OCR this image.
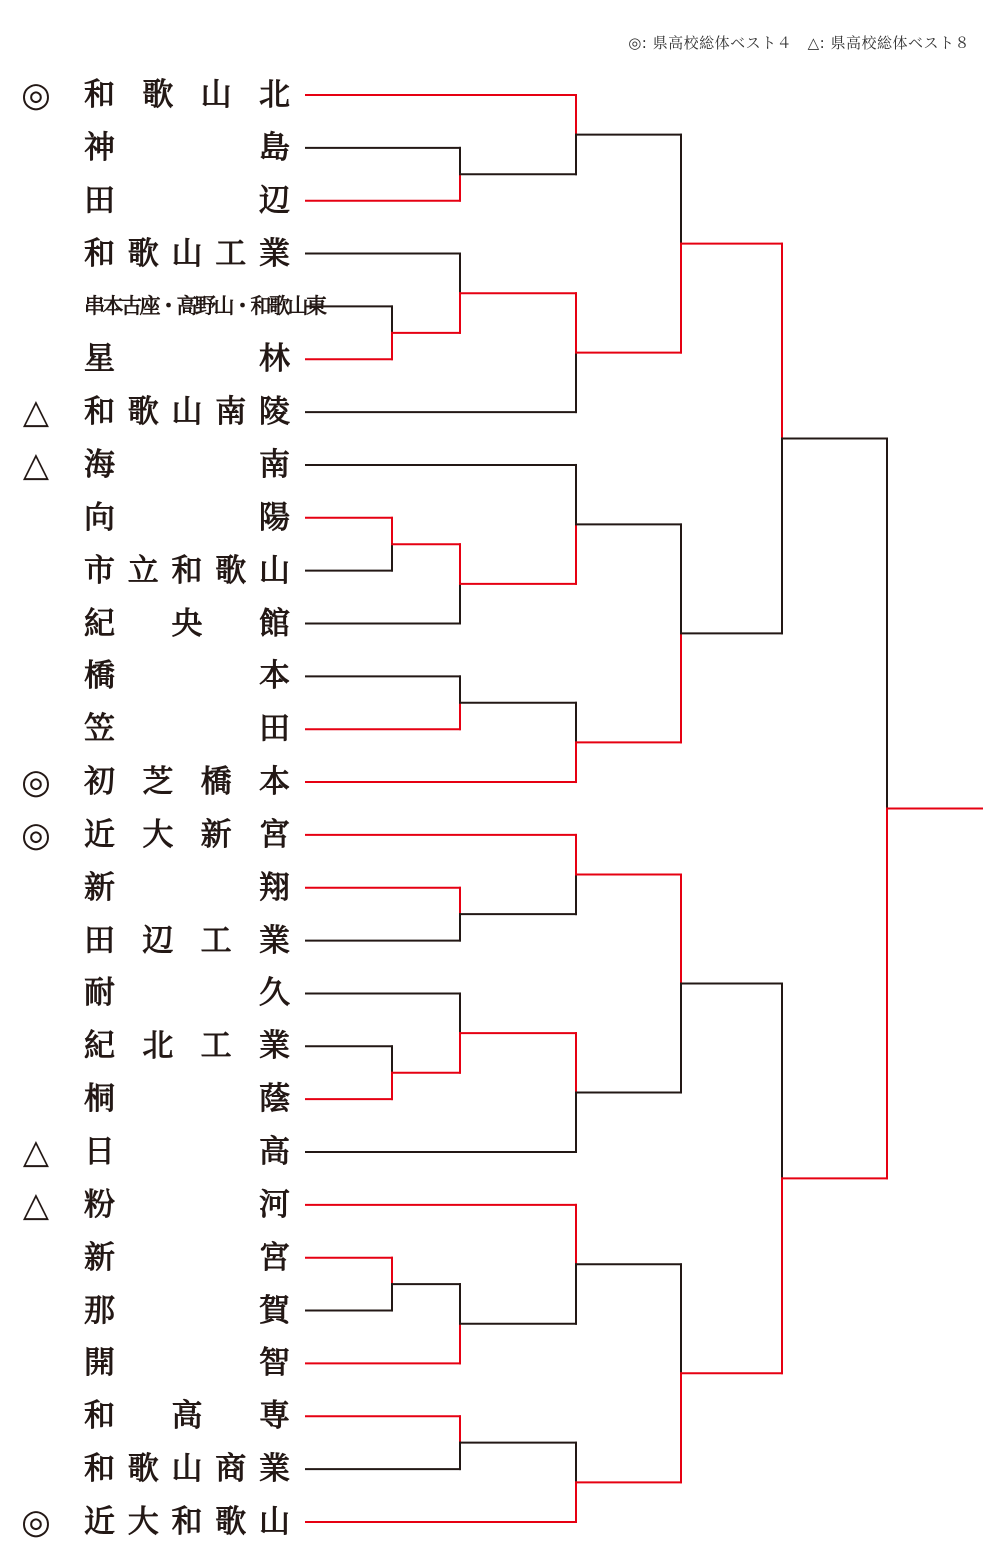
◎: 県高校総体ベスト４　△: 県高校総体ベスト８
◎ 和 歌 山 北
神	島
田	辺
和 歌 山 工 業
串本古座・高野山・和歌山東
星	林
△ 和 歌 山 南 陵
△ 海	南
向	陽
市 立 和 歌 山
紀 央 館
橋	本
笠	田
◎ 初 芝 橋 本
◎ 近 大 新 宮
新	翔
田 辺 工 業
耐	久
紀 北 工 業
桐	蔭
△ 日	高
△ 粉	河
新	宮
那	賀
開	智
和 高 専
和 歌 山 商 業
◎ 近 大 和 歌 山
